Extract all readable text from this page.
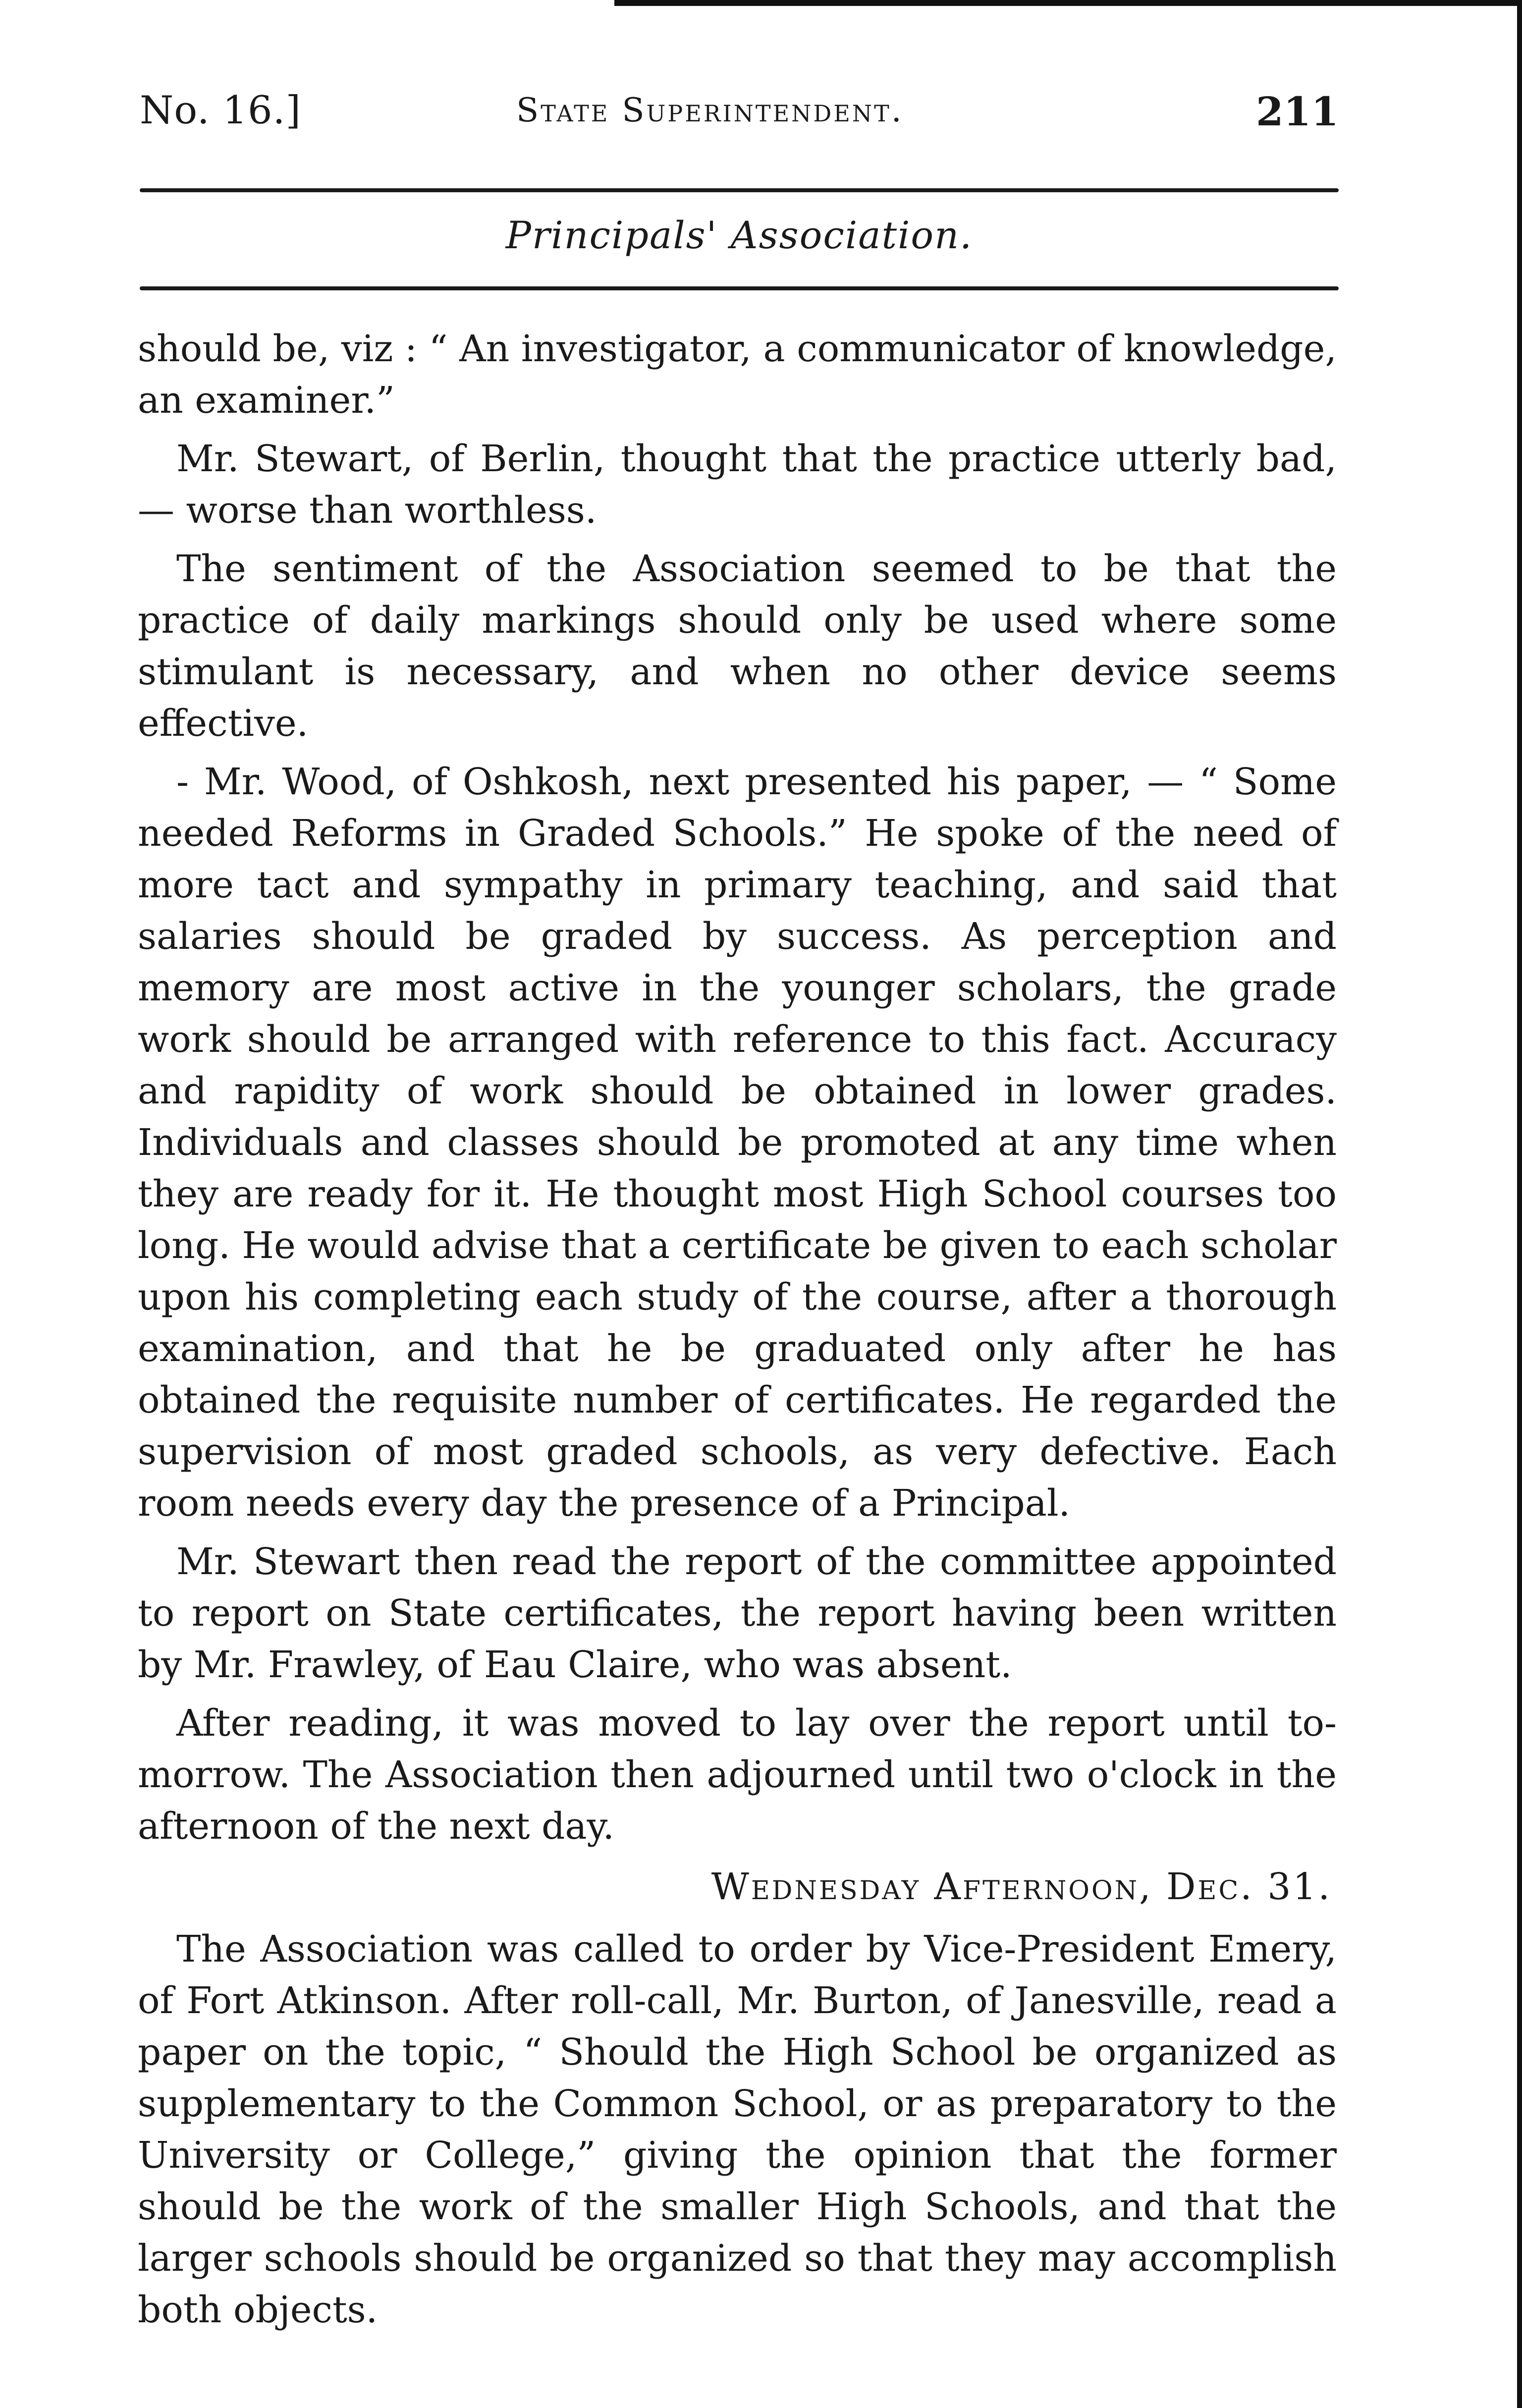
No. 16.]	State Superintendent.	211
Principals' Association.

should be, viz : “ An investigator, a communicator of knowledge, an examiner.”

Mr. Stewart, of Berlin, thought that the practice utterly bad, — worse than worthless.

The sentiment of the Association seemed to be that the practice of daily markings should only be used where some stimulant is necessary, and when no other device seems effective.

- Mr. Wood, of Oshkosh, next presented his paper, — “ Some needed Reforms in Graded Schools.” He spoke of the need of more tact and sympathy in primary teaching, and said that salaries should be graded by success. As perception and memory are most active in the younger scholars, the grade work should be arranged with reference to this fact. Accuracy and rapidity of work should be obtained in lower grades. Individuals and classes should be promoted at any time when they are ready for it. He thought most High School courses too long. He would advise that a certificate be given to each scholar upon his completing each study of the course, after a thorough examination, and that he be graduated only after he has obtained the requisite number of certificates. He regarded the supervision of most graded schools, as very defective. Each room needs every day the presence of a Principal.

Mr. Stewart then read the report of the committee appointed to report on State certificates, the report having been written by Mr. Frawley, of Eau Claire, who was absent.

After reading, it was moved to lay over the report until to-morrow. The Association then adjourned until two o'clock in the afternoon of the next day.

Wednesday Afternoon, Dec. 31.

The Association was called to order by Vice-President Emery, of Fort Atkinson. After roll-call, Mr. Burton, of Janesville, read a paper on the topic, “ Should the High School be organized as supplementary to the Common School, or as preparatory to the University or College,” giving the opinion that the former should be the work of the smaller High Schools, and that the larger schools should be organized so that they may accomplish both objects.
